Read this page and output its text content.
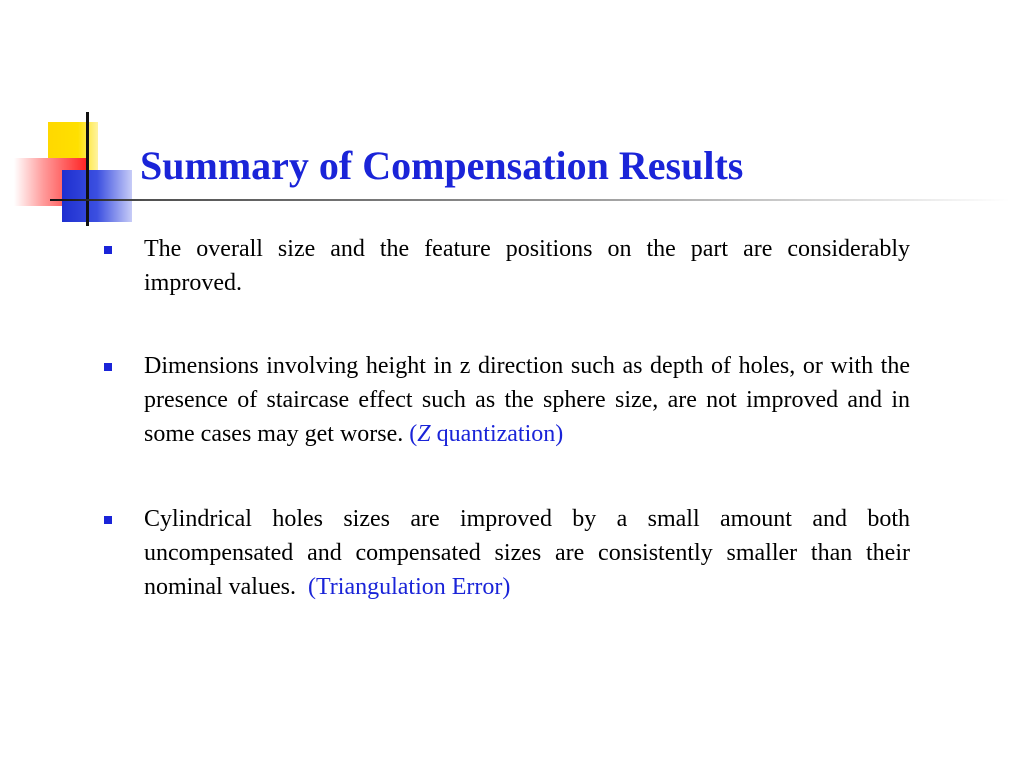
Summary of Compensation Results
The overall size and the feature positions on the part are considerably improved.
Dimensions involving height in z direction such as depth of holes, or with the presence of staircase effect such as the sphere size, are not improved and in some cases may get worse. (Z quantization)
Cylindrical holes sizes are improved by a small amount and both uncompensated and compensated sizes are consistently smaller than their nominal values. (Triangulation Error)
